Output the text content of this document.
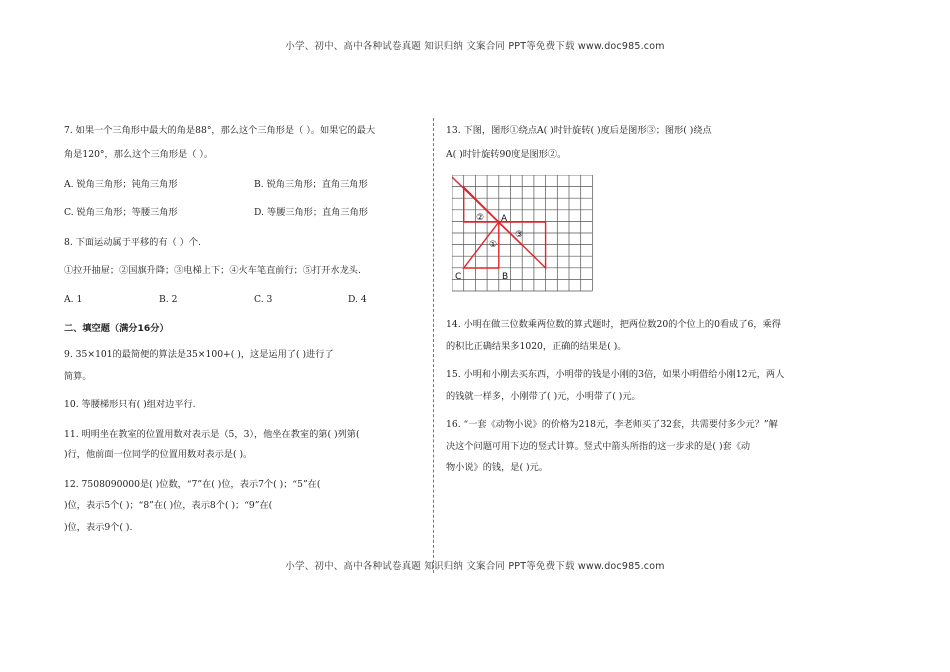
小学、初中、高中各种试卷真题 知识归纳 文案合同 PPT等免费下载 www.doc985.com

7. 如果一个三角形中最大的角是88°，那么这个三角形是（ ）。如果它的最大

角是120°，那么这个三角形是（ ）。

A. 锐角三角形；钝角三角形	B. 锐角三角形；直角三角形

C. 锐角三角形；等腰三角形	D. 等腰三角形；直角三角形

8. 下面运动属于平移的有（ ）个.

①拉开抽屉；②国旗升降；③电梯上下；④火车笔直前行；⑤打开水龙头.

A. 1	B. 2	C. 3	D. 4

二、填空题（满分16分）

9. 35×101的最简便的算法是35×100+( )，这是运用了( )进行了

简算。

10. 等腰梯形只有( )组对边平行.

11. 明明坐在教室的位置用数对表示是（5，3），他坐在教室的第( )列第(

)行，他前面一位同学的位置用数对表示是( )。

12. 7508090000是( )位数，“7”在( )位，表示7个( )；“5”在(

)位，表示5个( )；“8”在( )位，表示8个( )；“9”在(

)位，表示9个( ).

13. 下图，图形①绕点A( )时针旋转( )度后是图形③；图形( )绕点

A( )时针旋转90度是图形②。

14. 小明在做三位数乘两位数的算式题时，把两位数20的个位上的0看成了6，乘得

的积比正确结果多1020，正确的结果是( )。

15. 小明和小刚去买东西，小明带的钱是小刚的3倍，如果小明借给小刚12元，两人

的钱就一样多，小刚带了( )元，小明带了( )元。

16. “一套《动物小说》的价格为218元，李老师买了32套，共需要付多少元？”解

决这个问题可用下边的竖式计算。竖式中箭头所指的这一步求的是( )套《动

物小说》的钱，是( )元。

②
①
③
A
B
C
小学、初中、高中各种试卷真题 知识归纳 文案合同 PPT等免费下载 www.doc985.com
